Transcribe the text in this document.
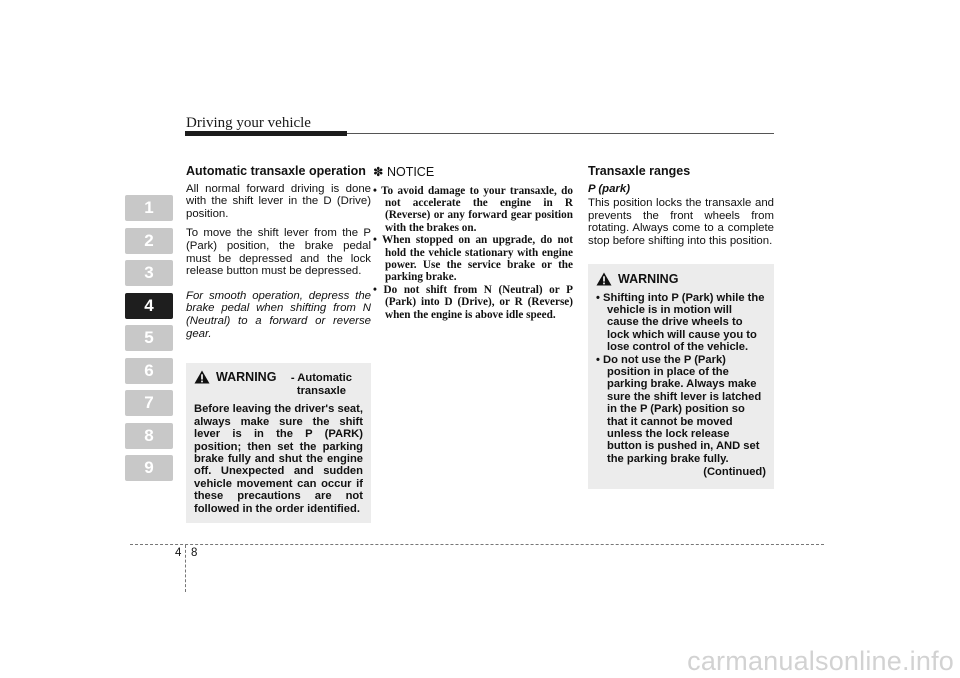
Driving your vehicle
1
2
3
4
5
6
7
8
9
Automatic transaxle operation

All normal forward driving is done with the shift lever in the D (Drive) position.

To move the shift lever from the P (Park) position, the brake pedal must be depressed and the lock release button must be depressed.

For smooth operation, depress the brake pedal when shifting from N (Neutral) to a forward or reverse gear.

WARNING	- Automatic transaxle
Before leaving the driver's seat, always make sure the shift lever is in the P (PARK) position; then set the parking brake fully and shut the engine off. Unexpected and sudden vehicle movement can occur if these precautions are not followed in the order identified.
✽ NOTICE
• To avoid damage to your transaxle, do not accelerate the engine in R (Reverse) or any forward gear position with the brakes on.
• When stopped on an upgrade, do not hold the vehicle stationary with engine power. Use the service brake or the parking brake.
• Do not shift from N (Neutral) or P (Park) into D (Drive), or R (Reverse) when the engine is above idle speed.
Transaxle ranges
P (park)

This position locks the transaxle and prevents the front wheels from rotating. Always come to a complete stop before shifting into this position.

WARNING
• Shifting into P (Park) while the vehicle is in motion will cause the drive wheels to lock which will cause you to lose control of the vehicle.
• Do not use the P (Park) position in place of the parking brake. Always make sure the shift lever is latched in the P (Park) position so that it cannot be moved unless the lock release button is pushed in, AND set the parking brake fully.
(Continued)
4 8
carmanualsonline.info
